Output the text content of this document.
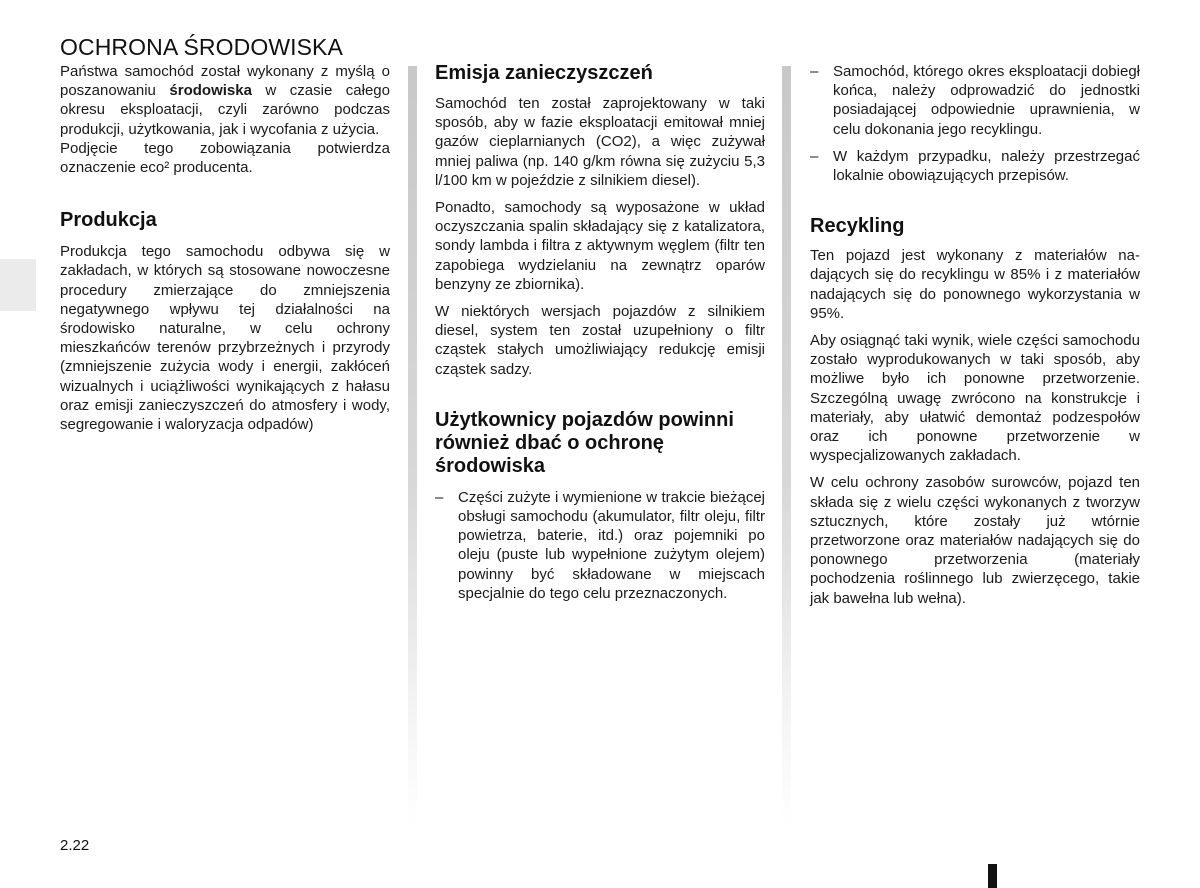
OCHRONA ŚRODOWISKA

Państwa samochód został wykonany z myślą o poszanowaniu środowiska w czasie całego okresu eksploatacji, czyli zarówno podczas produkcji, użytkowania, jak i wycofania z użycia.

Podjęcie tego zobowiązania potwierdza oznaczenie eco² producenta.

Produkcja

Produkcja tego samochodu odbywa się w zakładach, w których są stosowane nowoczesne procedury zmierzające do zmniejszenia negatywnego wpływu tej działalności na środowisko naturalne, w celu ochrony mieszkańców terenów przybrzeżnych i przyrody (zmniejszenie zużycia wody i energii, zakłóceń wizualnych i uciążliwości wynikających z hałasu oraz emisji zanieczyszczeń do atmosfery i wody, segregowanie i waloryzacja odpadów)

Emisja zanieczyszczeń

Samochód ten został zaprojektowany w taki sposób, aby w fazie eksploatacji emitował mniej gazów cieplarnianych (CO2), a więc zużywał mniej paliwa (np. 140 g/km równa się zużyciu 5,3 l/100 km w pojeździe z silnikiem diesel).

Ponadto, samochody są wyposażone w układ oczyszczania spalin składający się z katalizatora, sondy lambda i filtra z aktywnym węglem (filtr ten zapobiega wydzielaniu na zewnątrz oparów benzyny ze zbiornika).

W niektórych wersjach pojazdów z silnikiem diesel, system ten został uzupełniony o filtr cząstek stałych umożliwiający redukcję emisji cząstek sadzy.

Użytkownicy pojazdów powinni również dbać o ochronę środowiska
– Części zużyte i wymienione w trakcie bieżącej obsługi samochodu (akumulator, filtr oleju, filtr powietrza, baterie, itd.) oraz pojemniki po oleju (puste lub wypełnione zużytym olejem) powinny być składowane w miejscach specjalnie do tego celu przeznaczonych.
– Samochód, którego okres eksploatacji dobiegł końca, należy odprowadzić do jednostki posiadającej odpowiednie uprawnienia, w celu dokonania jego recyklingu.
– W każdym przypadku, należy przestrzegać lokalnie obowiązujących przepisów.
Recykling

Ten pojazd jest wykonany z materiałów nadających się do recyklingu w 85% i z materiałów nadających się do ponownego wykorzystania w 95%.

Aby osiągnąć taki wynik, wiele części samochodu zostało wyprodukowanych w taki sposób, aby możliwe było ich ponowne przetworzenie. Szczególną uwagę zwrócono na konstrukcje i materiały, aby ułatwić demontaż podzespołów oraz ich ponowne przetworzenie w wyspecjalizowanych zakładach.

W celu ochrony zasobów surowców, pojazd ten składa się z wielu części wykonanych z tworzyw sztucznych, które zostały już wtórnie przetworzone oraz materiałów nadających się do ponownego przetworzenia (materiały pochodzenia roślinnego lub zwierzęcego, takie jak bawełna lub wełna).

2.22
